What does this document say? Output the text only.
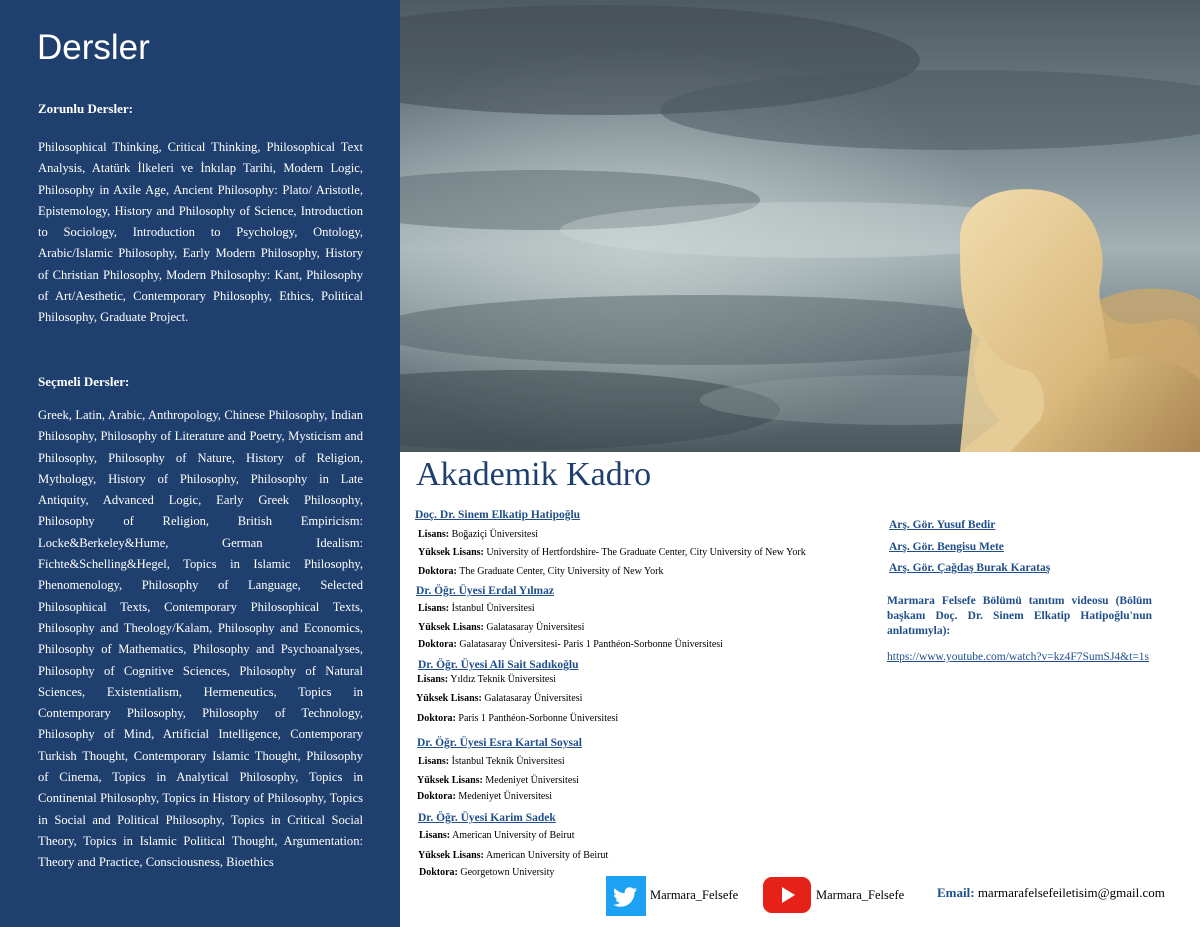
Dersler
Zorunlu Dersler:
Philosophical Thinking, Critical Thinking, Philosophical Text Analysis, Atatürk İlkeleri ve İnkılap Tarihi, Modern Logic, Philosophy in Axile Age, Ancient Philosophy: Plato/ Aristotle, Epistemology, History and Philosophy of Science, Introduction to Sociology, Introduction to Psychology, Ontology, Arabic/Islamic Philosophy, Early Modern Philosophy, History of Christian Philosophy, Modern Philosophy: Kant, Philosophy of Art/Aesthetic, Contemporary Philosophy, Ethics, Political Philosophy, Graduate Project.
Seçmeli Dersler:
Greek, Latin, Arabic, Anthropology, Chinese Philosophy, Indian Philosophy, Philosophy of Literature and Poetry, Mysticism and Philosophy, Philosophy of Nature, History of Religion, Mythology, History of Philosophy, Philosophy in Late Antiquity, Advanced Logic, Early Greek Philosophy, Philosophy of Religion, British Empiricism: Locke&Berkeley&Hume, German Idealism: Fichte&Schelling&Hegel, Topics in Islamic Philosophy, Phenomenology, Philosophy of Language, Selected Philosophical Texts, Contemporary Philosophical Texts, Philosophy and Theology/Kalam, Philosophy and Economics, Philosophy of Mathematics, Philosophy and Psychoanalyses, Philosophy of Cognitive Sciences, Philosophy of Natural Sciences, Existentialism, Hermeneutics, Topics in Contemporary Philosophy, Philosophy of Technology, Philosophy of Mind, Artificial Intelligence, Contemporary Turkish Thought, Contemporary Islamic Thought, Philosophy of Cinema, Topics in Analytical Philosophy, Topics in Continental Philosophy, Topics in History of Philosophy, Topics in Social and Political Philosophy, Topics in Critical Social Theory, Topics in Islamic Political Thought, Argumentation: Theory and Practice, Consciousness, Bioethics
Akademik Kadro
Doç. Dr. Sinem Elkatip Hatipoğlu
Lisans: Boğaziçi Üniversitesi
Yüksek Lisans: University of Hertfordshire- The Graduate Center, City University of New York
Doktora: The Graduate Center, City University of New York
Dr. Öğr. Üyesi Erdal Yılmaz
Lisans: İstanbul Üniversitesi
Yüksek Lisans: Galatasaray Üniversitesi
Doktora: Galatasaray Üniversitesi- Paris 1 Panthéon-Sorbonne Üniversitesi
Dr. Öğr. Üyesi Ali Sait Sadıkoğlu
Lisans: Yıldız Teknik Üniversitesi
Yüksek Lisans: Galatasaray Üniversitesi
Doktora: Paris 1 Panthéon-Sorbonne Üniversitesi
Dr. Öğr. Üyesi Esra Kartal Soysal
Lisans: İstanbul Teknik Üniversitesi
Yüksek Lisans: Medeniyet Üniversitesi
Doktora: Medeniyet Üniversitesi
Dr. Öğr. Üyesi Karim Sadek
Lisans: American University of Beirut
Yüksek Lisans: American University of Beirut
Doktora: Georgetown University
Arş. Gör. Yusuf Bedir
Arş. Gör. Bengisu Mete
Arş. Gör. Çağdaş Burak Karataş
Marmara Felsefe Bölümü tanıtım videosu (Bölüm başkanı Doç. Dr. Sinem Elkatip Hatipoğlu'nun anlatımıyla):
https://www.youtube.com/watch?v=kz4F7SumSJ4&t=1s
Marmara_Felsefe	Marmara_Felsefe	Email: marmarafelsefeiletisim@gmail.com
